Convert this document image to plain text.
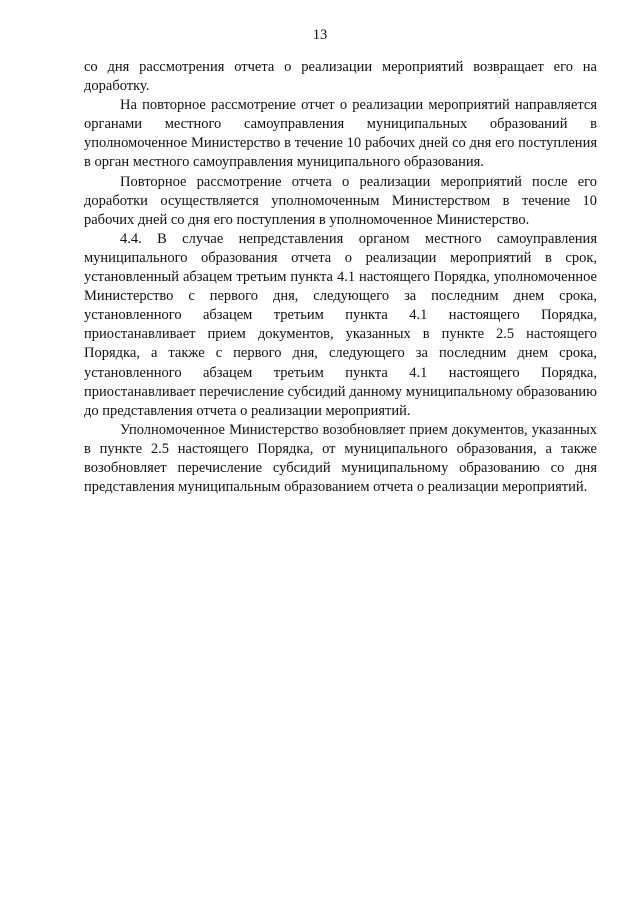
13

со дня рассмотрения отчета о реализации мероприятий возвращает его на доработку.

На повторное рассмотрение отчет о реализации мероприятий направляется органами местного самоуправления муниципальных образований в уполномоченное Министерство в течение 10 рабочих дней со дня его поступления в орган местного самоуправления муниципального образования.

Повторное рассмотрение отчета о реализации мероприятий после его доработки осуществляется уполномоченным Министерством в течение 10 рабочих дней со дня его поступления в уполномоченное Министерство.

4.4. В случае непредставления органом местного самоуправления муниципального образования отчета о реализации мероприятий в срок, установленный абзацем третьим пункта 4.1 настоящего Порядка, уполномоченное Министерство с первого дня, следующего за последним днем срока, установленного абзацем третьим пункта 4.1 настоящего Порядка, приостанавливает прием документов, указанных в пункте 2.5 настоящего Порядка, а также с первого дня, следующего за последним днем срока, установленного абзацем третьим пункта 4.1 настоящего Порядка, приостанавливает перечисление субсидий данному муниципальному образованию до представления отчета о реализации мероприятий.

Уполномоченное Министерство возобновляет прием документов, указанных в пункте 2.5 настоящего Порядка, от муниципального образования, а также возобновляет перечисление субсидий муниципальному образованию со дня представления муниципальным образованием отчета о реализации мероприятий.
